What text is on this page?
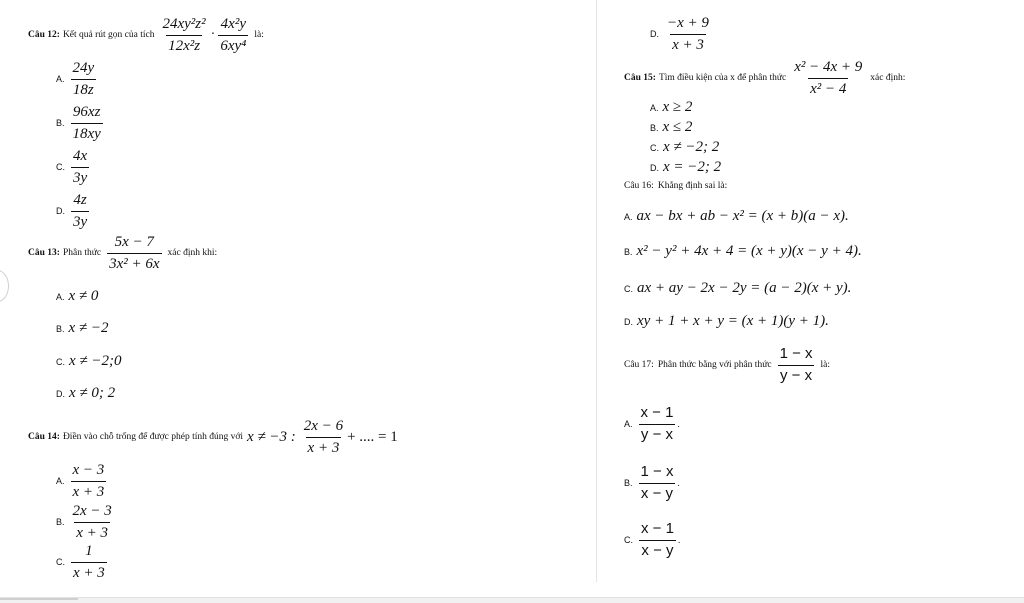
Câu 12: Kết quả rút gọn của tích $\frac{\text{24xy²z²}}{\text{12x²z}} \cdot \frac{\text{4x²y}}{\text{6xy⁴}}$ là:
A. $\frac{24y}{18z}$
B. $\frac{96xz}{18xy}$
C. $\frac{4x}{3y}$
D. $\frac{4z}{3y}$
Câu 13: Phân thức $\frac{5x - 7}{\text{3x² + 6x}}$ xác định khi:
A. x ≠ 0
B. x ≠ −2
C. x ≠ −2;0
D. x ≠ 0; 2
Câu 14: Điền vào chỗ trống để được phép tính đúng với x ≠ −3 : $\frac{2x - 6}{x + 3}$ + .... = 1
A. $\frac{x - 3}{x + 3}$
B. $\frac{2x - 3}{x + 3}$
C. $\frac{1}{x + 3}$
D. $\frac{-x + 9}{x + 3}$
Câu 15: Tìm điều kiện của x để phân thức $\frac{\text{x² − 4x + 9}}{\text{x² − 4}}$ xác định:
A. x ≥ 2
B. x ≤ 2
C. x ≠ −2; 2
D. x = −2; 2
Câu 16: Khẳng định sai là:
A. ax − bx + ab − x² = (x + b)(a − x).
B. x² − y² + 4x + 4 = (x + y)(x − y + 4).
C. ax + ay − 2x − 2y = (a − 2)(x + y).
D. xy + 1 + x + y = (x + 1)(y + 1).
Câu 17: Phân thức bằng với phân thức $\frac{1 - x}{y - x}$ là:
A. $\frac{x - 1}{y - x}$ .
B. $\frac{1 - x}{x - y}$ .
C. $\frac{x - 1}{x - y}$ .
